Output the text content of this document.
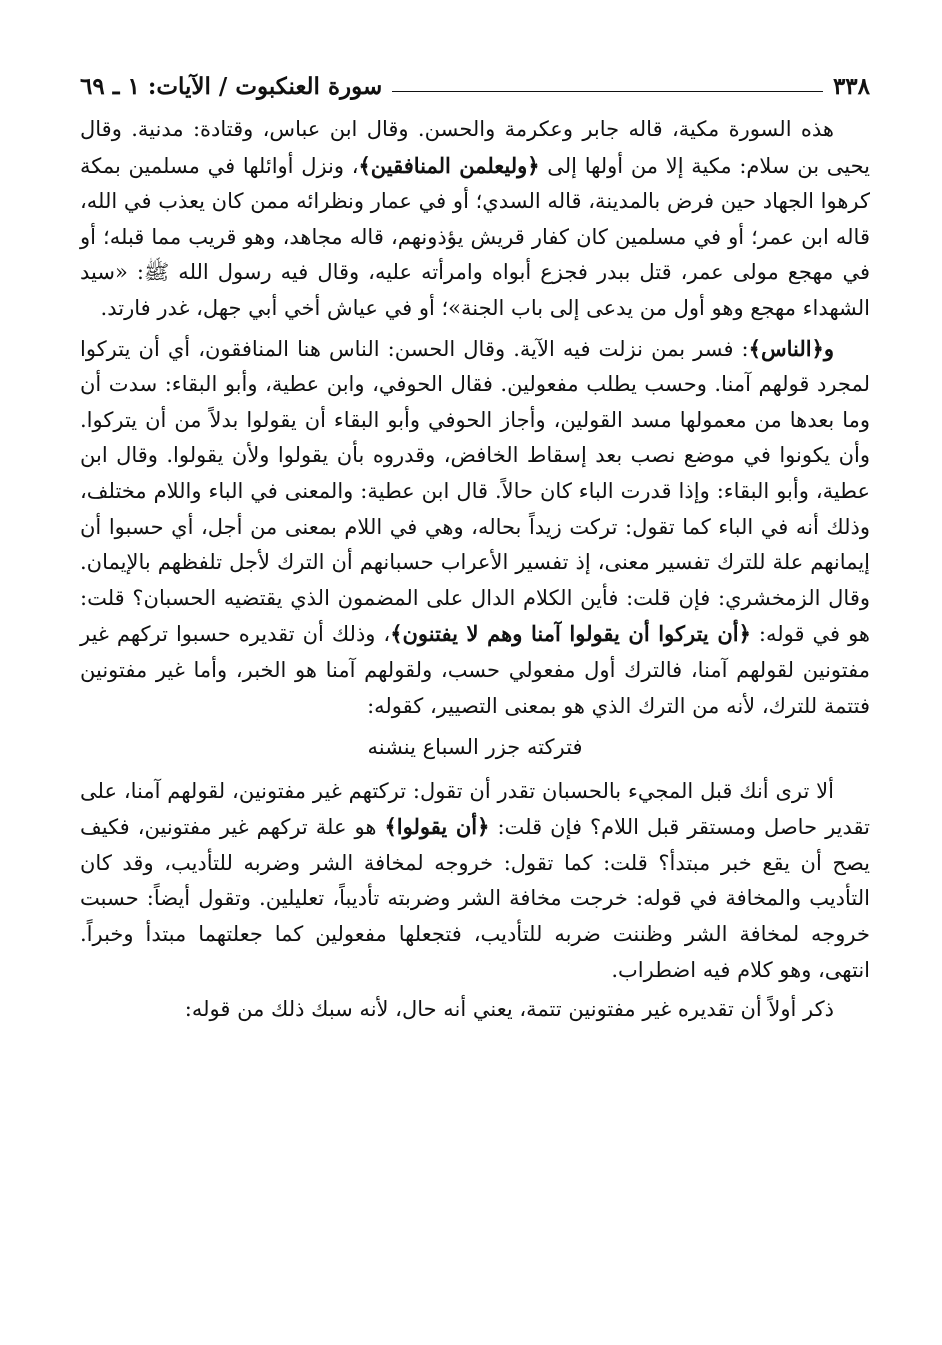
٣٣٨
سورة العنكبوت / الآيات: ١ ـ ٦٩

هذه السورة مكية، قاله جابر وعكرمة والحسن. وقال ابن عباس، وقتادة: مدنية. وقال يحيى بن سلام: مكية إلا من أولها إلى ﴿وليعلمن المنافقين﴾، ونزل أوائلها في مسلمين بمكة كرهوا الجهاد حين فرض بالمدينة، قاله السدي؛ أو في عمار ونظرائه ممن كان يعذب في الله، قاله ابن عمر؛ أو في مسلمين كان كفار قريش يؤذونهم، قاله مجاهد، وهو قريب مما قبله؛ أو في مهجع مولى عمر، قتل ببدر فجزع أبواه وامرأته عليه، وقال فيه رسول الله ﷺ: «سيد الشهداء مهجع وهو أول من يدعى إلى باب الجنة»؛ أو في عياش أخي أبي جهل، غدر فارتد.

و﴿الناس﴾: فسر بمن نزلت فيه الآية. وقال الحسن: الناس هنا المنافقون، أي أن يتركوا لمجرد قولهم آمنا. وحسب يطلب مفعولين. فقال الحوفي، وابن عطية، وأبو البقاء: سدت أن وما بعدها من معمولها مسد القولين، وأجاز الحوفي وأبو البقاء أن يقولوا بدلاً من أن يتركوا. وأن يكونوا في موضع نصب بعد إسقاط الخافض، وقدروه بأن يقولوا ولأن يقولوا. وقال ابن عطية، وأبو البقاء: وإذا قدرت الباء كان حالاً. قال ابن عطية: والمعنى في الباء واللام مختلف، وذلك أنه في الباء كما تقول: تركت زيداً بحاله، وهي في اللام بمعنى من أجل، أي حسبوا أن إيمانهم علة للترك تفسير معنى، إذ تفسير الأعراب حسبانهم أن الترك لأجل تلفظهم بالإيمان. وقال الزمخشري: فإن قلت: فأين الكلام الدال على المضمون الذي يقتضيه الحسبان؟ قلت: هو في قوله: ﴿أن يتركوا أن يقولوا آمنا وهم لا يفتنون﴾، وذلك أن تقديره حسبوا تركهم غير مفتونين لقولهم آمنا، فالترك أول مفعولي حسب، ولقولهم آمنا هو الخبر، وأما غير مفتونين فتتمة للترك، لأنه من الترك الذي هو بمعنى التصيير، كقوله:

فتركته جزر السباع ينشنه

ألا ترى أنك قبل المجيء بالحسبان تقدر أن تقول: تركتهم غير مفتونين، لقولهم آمنا، على تقدير حاصل ومستقر قبل اللام؟ فإن قلت: ﴿أن يقولوا﴾ هو علة تركهم غير مفتونين، فكيف يصح أن يقع خبر مبتدأ؟ قلت: كما تقول: خروجه لمخافة الشر وضربه للتأديب، وقد كان التأديب والمخافة في قوله: خرجت مخافة الشر وضربته تأديباً، تعليلين. وتقول أيضاً: حسبت خروجه لمخافة الشر وظننت ضربه للتأديب، فتجعلها مفعولين كما جعلتهما مبتدأ وخبراً. انتهى، وهو كلام فيه اضطراب.

ذكر أولاً أن تقديره غير مفتونين تتمة، يعني أنه حال، لأنه سبك ذلك من قوله:
